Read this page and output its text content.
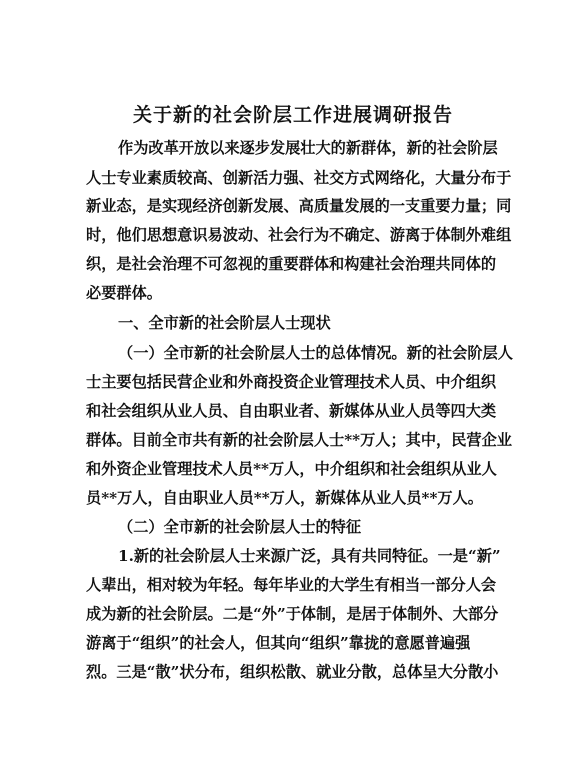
关于新的社会阶层工作进展调研报告
作为改革开放以来逐步发展壮大的新群体，新的社会阶层
人士专业素质较高、创新活力强、社交方式网络化，大量分布于
新业态，是实现经济创新发展、高质量发展的一支重要力量；同
时，他们思想意识易波动、社会行为不确定、游离于体制外难组
织，是社会治理不可忽视的重要群体和构建社会治理共同体的
必要群体。
一、全市新的社会阶层人士现状
（一）全市新的社会阶层人士的总体情况。新的社会阶层人
士主要包括民营企业和外商投资企业管理技术人员、中介组织
和社会组织从业人员、自由职业者、新媒体从业人员等四大类
群体。目前全市共有新的社会阶层人士**万人；其中，民营企业
和外资企业管理技术人员**万人，中介组织和社会组织从业人
员**万人，自由职业人员**万人，新媒体从业人员**万人。
（二）全市新的社会阶层人士的特征
1.新的社会阶层人士来源广泛，具有共同特征。一是“新”
人辈出，相对较为年轻。每年毕业的大学生有相当一部分人会
成为新的社会阶层。二是“外”于体制，是居于体制外、大部分
游离于“组织”的社会人，但其向“组织”靠拢的意愿普遍强
烈。三是“散”状分布，组织松散、就业分散，总体呈大分散小
